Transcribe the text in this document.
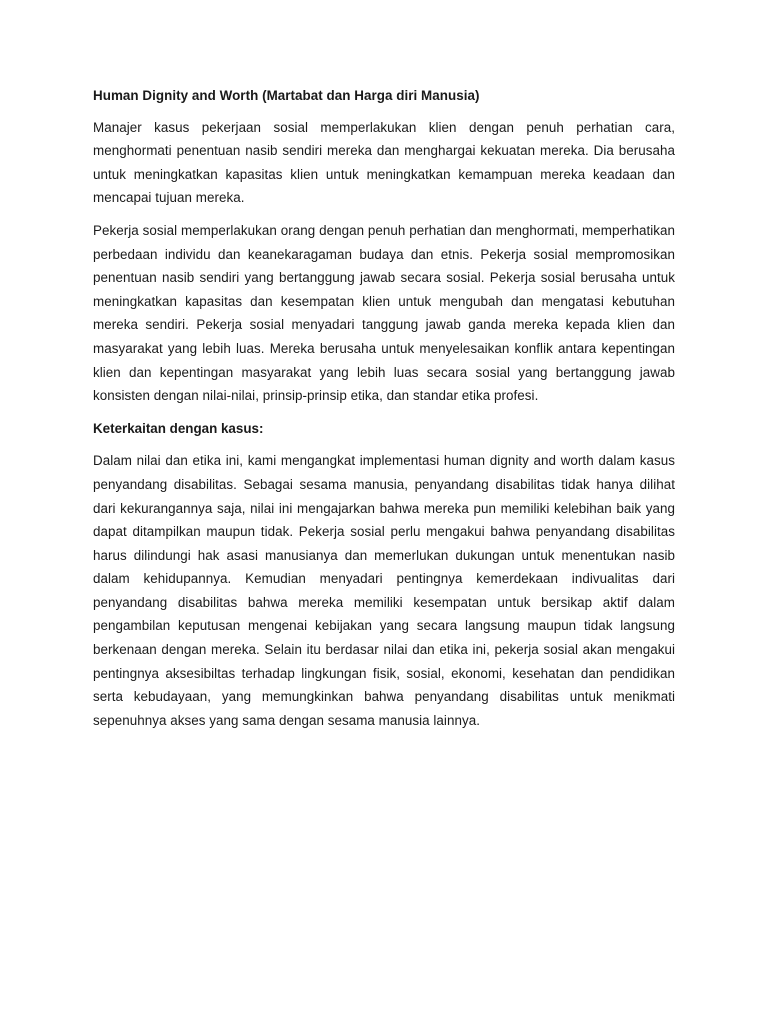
Human Dignity and Worth (Martabat dan Harga diri Manusia)
Manajer kasus pekerjaan sosial memperlakukan klien dengan penuh perhatian cara, menghormati penentuan nasib sendiri mereka dan menghargai kekuatan mereka. Dia berusaha untuk meningkatkan kapasitas klien untuk meningkatkan kemampuan mereka keadaan dan mencapai tujuan mereka.
Pekerja sosial memperlakukan orang dengan penuh perhatian dan menghormati, memperhatikan perbedaan individu dan keanekaragaman budaya dan etnis. Pekerja sosial mempromosikan penentuan nasib sendiri yang bertanggung jawab secara sosial. Pekerja sosial berusaha untuk meningkatkan kapasitas dan kesempatan klien untuk mengubah dan mengatasi kebutuhan mereka sendiri. Pekerja sosial menyadari tanggung jawab ganda mereka kepada klien dan masyarakat yang lebih luas. Mereka berusaha untuk menyelesaikan konflik antara kepentingan klien dan kepentingan masyarakat yang lebih luas secara sosial yang bertanggung jawab konsisten dengan nilai-nilai, prinsip-prinsip etika, dan standar etika profesi.
Keterkaitan dengan kasus:
Dalam nilai dan etika ini, kami mengangkat implementasi human dignity and worth dalam kasus penyandang disabilitas. Sebagai sesama manusia, penyandang disabilitas tidak hanya dilihat dari kekurangannya saja, nilai ini mengajarkan bahwa mereka pun memiliki kelebihan baik yang dapat ditampilkan maupun tidak. Pekerja sosial perlu mengakui bahwa penyandang disabilitas harus dilindungi hak asasi manusianya dan memerlukan dukungan untuk menentukan nasib dalam kehidupannya. Kemudian menyadari pentingnya kemerdekaan indivualitas dari penyandang disabilitas bahwa mereka memiliki kesempatan untuk bersikap aktif dalam pengambilan keputusan mengenai kebijakan yang secara langsung maupun tidak langsung berkenaan dengan mereka. Selain itu berdasar nilai dan etika ini, pekerja sosial akan mengakui pentingnya aksesibiltas terhadap lingkungan fisik, sosial, ekonomi, kesehatan dan pendidikan serta kebudayaan, yang memungkinkan bahwa penyandang disabilitas untuk menikmati sepenuhnya akses yang sama dengan sesama manusia lainnya.
